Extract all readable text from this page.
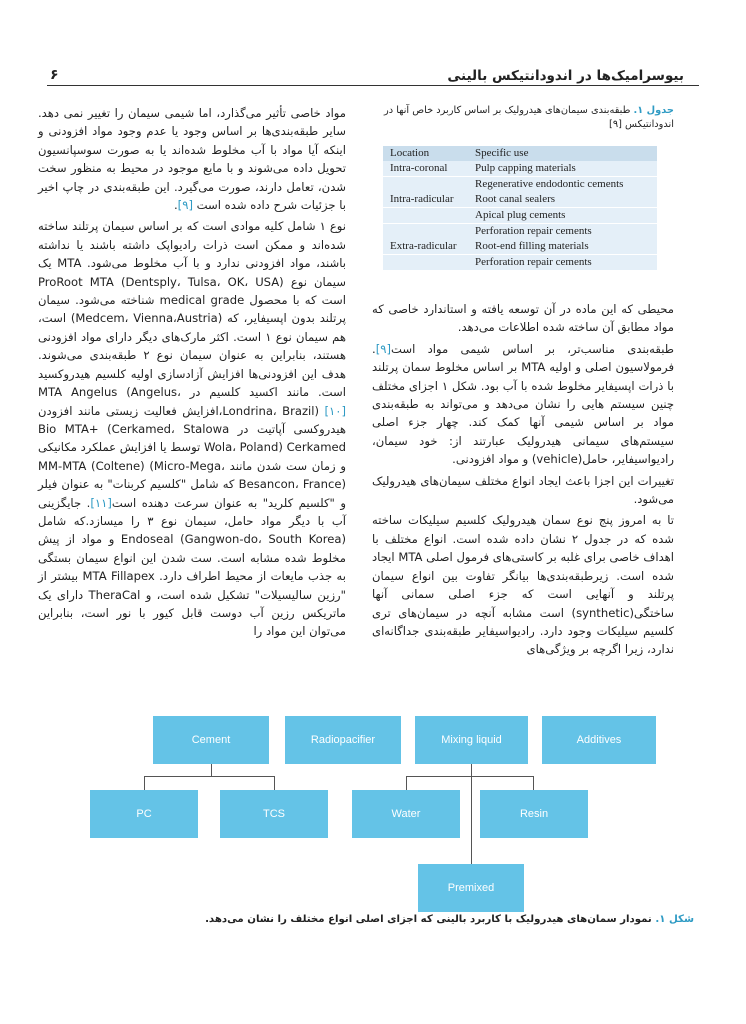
۶	بیوسرامیک‌ها در اندودانتیکس بالینی
جدول ۱. طبقه‌بندی سیمان‌های هیدرولیک بر اساس کاربرد خاص آنها در اندودانتیکس [۹]
Location	Specific use
Intra-coronal	Pulp capping materials
	Regenerative endodontic cements
Intra-radicular	Root canal sealers
	Apical plug cements
	Perforation repair cements
Extra-radicular	Root-end filling materials
	Perforation repair cements

محیطی که این ماده در آن توسعه یافته و استاندارد خاصی که مواد مطابق آن ساخته شده اطلاعات می‌دهد.

طبقه‌بندی مناسب‌تر، بر اساس شیمی مواد است[۹]. فرمولاسیون اصلی و اولیه MTA بر اساس مخلوط سمان پرتلند با ذرات اپسیفایر مخلوط شده با آب بود. شکل ۱ اجزای مختلف چنین سیستم هایی را نشان می‌دهد و می‌تواند به طبقه‌بندی مواد بر اساس شیمی آنها کمک کند. چهار جزء اصلی سیستم‌های سیمانی هیدرولیک عبارتند از: خود سیمان، رادیواسیفایر، حامل(vehicle) و مواد افزودنی.

تغییرات این اجزا باعث ایجاد انواع مختلف سیمان‌های هیدرولیک می‌شود.

تا به امروز پنج نوع سمان هیدرولیک کلسیم سیلیکات ساخته شده که در جدول ۲ نشان داده شده است. انواع مختلف با اهداف خاصی برای غلبه بر کاستی‌های فرمول اصلی MTA ایجاد شده است. زیرطبقه‌بندی‌ها بیانگر تفاوت بین انواع سیمان پرتلند و آنهایی است که جزء اصلی سمانی آنها ساختگی(synthetic) است مشابه آنچه در سیمان‌های تری کلسیم سیلیکات وجود دارد. رادیواسیفایر طبقه‌بندی جداگانه‌ای ندارد، زیرا اگرچه بر ویژگی‌های

مواد خاصی تأثیر می‌گذارد، اما شیمی سیمان را تغییر نمی دهد. سایر طبقه‌بندی‌ها بر اساس وجود یا عدم وجود مواد افزودنی و اینکه آیا مواد با آب مخلوط شده‌اند یا به صورت سوسپانسیون تحویل داده می‌شوند و با مایع موجود در محیط به منظور سخت شدن، تعامل دارند، صورت می‌گیرد. این طبقه‌بندی در چاپ اخیر با جزئیات شرح داده شده است [۹].

نوع ۱ شامل کلیه موادی است که بر اساس سیمان پرتلند ساخته شده‌اند و ممکن است ذرات رادیواپک داشته باشند یا نداشته باشند، مواد افزودنی ندارد و با آب مخلوط می‌شود. MTA یک سیمان نوع ProRoot MTA (Dentsply، Tulsa، OK، USA) است که با محصول medical grade شناخته می‌شود. سیمان پرتلند بدون اپسیفایر، که (Medcem، Vienna،Austria) است، هم سیمان نوع ۱ است. اکثر مارک‌های دیگر دارای مواد افزودنی هستند، بنابراین به عنوان سیمان نوع ۲ طبقه‌بندی می‌شوند. هدف این افزودنی‌ها افزایش آزادسازی اولیه کلسیم هیدروکسید است. مانند اکسید کلسیم در MTA Angelus (Angelus، Londrina، Brazil) [۱۰]،افزایش فعالیت زیستی مانند افزودن هیدروکسی آپاتیت در Bio MTA+ (Cerkamed، Stalowa Wola، Poland) Cerkamed توسط یا افزایش عملکرد مکانیکی و زمان ست شدن مانند MM-MTA (Coltene) (Micro-Mega، Besancon، France) که شامل "کلسیم کربنات" به عنوان فیلر و "کلسیم کلرید" به عنوان سرعت دهنده است[۱۱]. جایگزینی آب با دیگر مواد حامل، سیمان نوع ۳ را میسازد.که شامل Endoseal (Gangwon-do، South Korea) و مواد از پیش مخلوط شده مشابه است. ست شدن این انواع سیمان بستگی به جذب مایعات از محیط اطراف دارد. MTA Fillapex بیشتر از "رزین سالیسیلات" تشکیل شده است، و TheraCal دارای یک ماتریکس رزین آب دوست قابل کیور با نور است، بنابراین می‌توان این مواد را

Cement	Radiopacifier	Mixing liquid	Additives
PC	TCS	Water	Resin
Premixed
شکل ۱. نمودار سمان‌های هیدرولیک با کاربرد بالینی که اجزای اصلی انواع مختلف را نشان می‌دهد.
